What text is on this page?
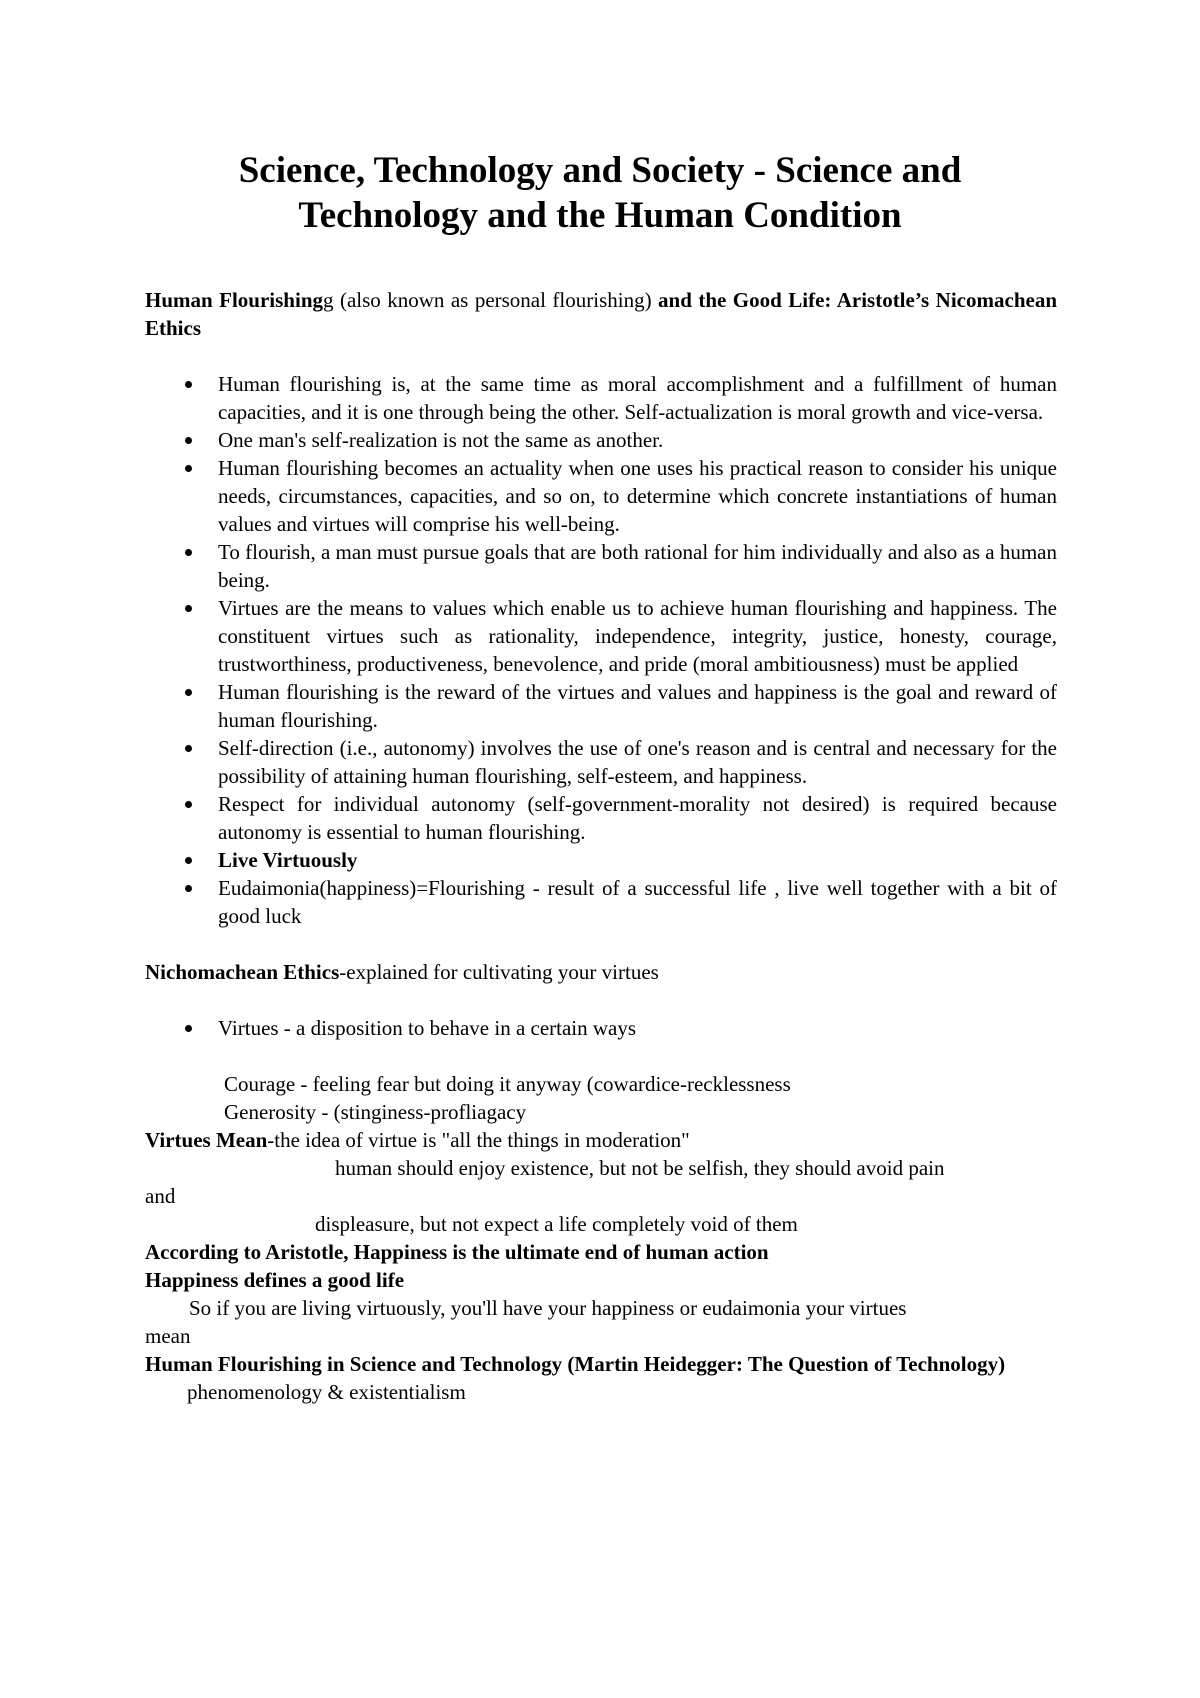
Science, Technology and Society - Science and
Technology and the Human Condition

Human Flourishingg (also known as personal flourishing) and the Good Life: Aristotle’s Nicomachean Ethics

Human flourishing is, at the same time as moral accomplishment and a fulfillment of human capacities, and it is one through being the other. Self-actualization is moral growth and vice-versa.
One man's self-realization is not the same as another.
Human flourishing becomes an actuality when one uses his practical reason to consider his unique needs, circumstances, capacities, and so on, to determine which concrete instantiations of human values and virtues will comprise his well-being.
To flourish, a man must pursue goals that are both rational for him individually and also as a human being.
Virtues are the means to values which enable us to achieve human flourishing and happiness. The constituent virtues such as rationality, independence, integrity, justice, honesty, courage, trustworthiness, productiveness, benevolence, and pride (moral ambitiousness) must be applied
Human flourishing is the reward of the virtues and values and happiness is the goal and reward of human flourishing.
Self-direction (i.e., autonomy) involves the use of one's reason and is central and necessary for the possibility of attaining human flourishing, self-esteem, and happiness.
Respect for individual autonomy (self-government-morality not desired) is required because autonomy is essential to human flourishing.
Live Virtuously
Eudaimonia(happiness)=Flourishing - result of a successful life , live well together with a bit of good luck

Nichomachean Ethics-explained for cultivating your virtues

Virtues - a disposition to behave in a certain ways

Courage - feeling fear but doing it anyway (cowardice-recklessness

Generosity - (stinginess-profliagacy

Virtues Mean-the idea of virtue is "all the things in moderation"

human should enjoy existence, but not be selfish, they should avoid pain

and

displeasure, but not expect a life completely void of them

According to Aristotle, Happiness is the ultimate end of human action

Happiness defines a good life

So if you are living virtuously, you'll have your happiness or eudaimonia your virtues

mean

Human Flourishing in Science and Technology (Martin Heidegger: The Question of Technology)

phenomenology & existentialism
